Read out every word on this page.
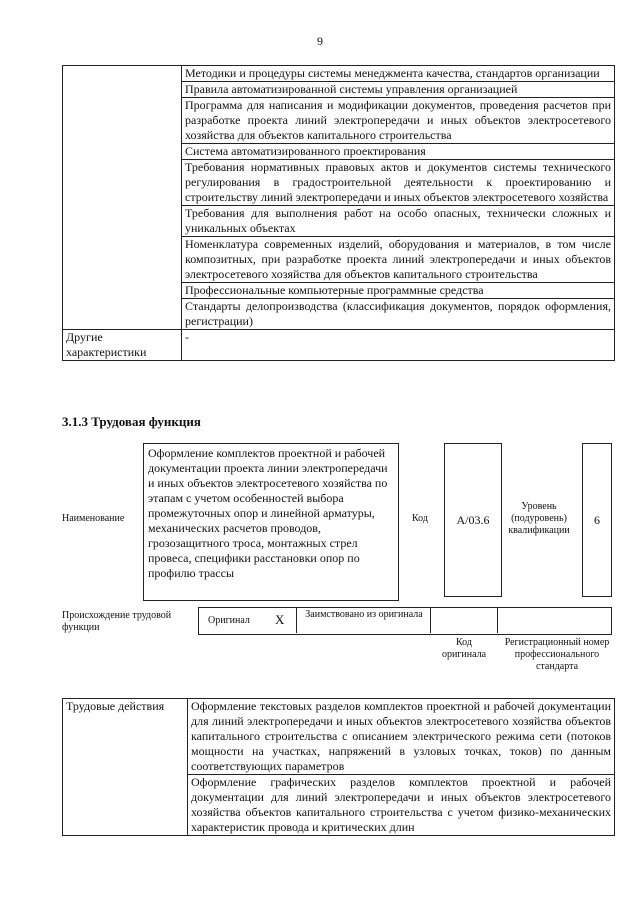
9
	Методики и процедуры системы менеджмента качества, стандартов организации
	Правила автоматизированной системы управления организацией
	Программа для написания и модификации документов, проведения расчетов при разработке проекта линий электропередачи и иных объектов электросетевого хозяйства для объектов капитального строительства
	Система автоматизированного проектирования
	Требования нормативных правовых актов и документов системы технического регулирования в градостроительной деятельности к проектированию и строительству линий электропередачи и иных объектов электросетевого хозяйства
	Требования для выполнения работ на особо опасных, технически сложных и уникальных объектах
	Номенклатура современных изделий, оборудования и материалов, в том числе композитных, при разработке проекта линий электропередачи и иных объектов электросетевого хозяйства для объектов капитального строительства
	Профессиональные компьютерные программные средства
	Стандарты делопроизводства (классификация документов, порядок оформления, регистрации)
Другие характеристики	-
3.1.3 Трудовая функция
Наименование
Оформление комплектов проектной и рабочей документации проекта линии электропередачи и иных объектов электросетевого хозяйства по этапам с учетом особенностей выбора промежуточных опор и линейной арматуры, механических расчетов проводов, грозозащитного троса, монтажных стрел провеса, специфики расстановки опор по профилю трассы
Код	А/03.6
Уровень (подуровень) квалификации
6
Происхождение трудовой функции
Оригинал X	Заимствовано из оригинала
Код оригинала
Регистрационный номер профессионального стандарта
Трудовые действия	Оформление текстовых разделов комплектов проектной и рабочей документации для линий электропередачи и иных объектов электросетевого хозяйства объектов капитального строительства с описанием электрического режима сети (потоков мощности на участках, напряжений в узловых точках, токов) по данным соответствующих параметров
Оформление графических разделов комплектов проектной и рабочей документации для линий электропередачи и иных объектов электросетевого хозяйства объектов капитального строительства с учетом физико-механических характеристик провода и критических длин
